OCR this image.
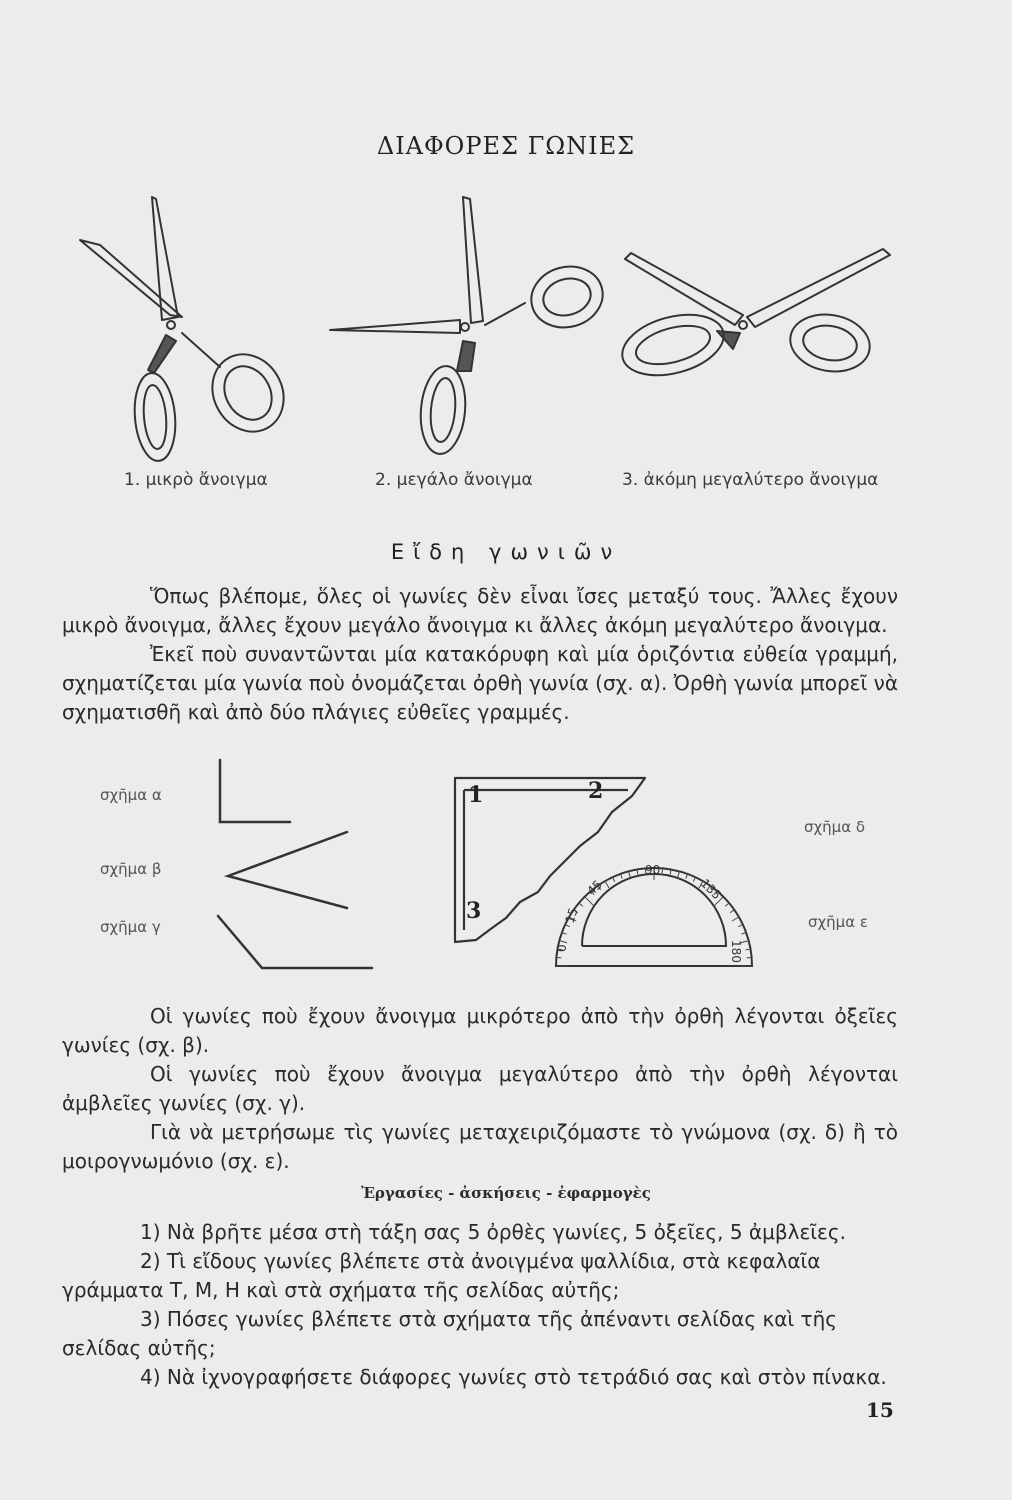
ΔΙΑΦΟΡΕΣ ΓΩΝΙΕΣ
1. μικρὸ ἄνοιγμα	2. μεγάλο ἄνοιγμα	3. ἀκόμη μεγαλύτερο ἄνοιγμα
Εἴδη γωνιῶν

Ὅπως βλέπομε, ὅλες οἱ γωνίες δὲν εἶναι ἴσες μεταξύ τους. Ἄλλες ἔχουν μικρὸ ἄνοιγμα, ἄλλες ἔχουν μεγάλο ἄνοιγμα κι ἄλλες ἀκόμη μεγαλύτερο ἄνοιγμα.

Ἐκεῖ ποὺ συναντῶνται μία κατακόρυφη καὶ μία ὁριζόντια εὐθεία γραμμή, σχηματίζεται μία γωνία ποὺ ὀνομάζεται ὀρθὴ γωνία (σχ. α). Ὀρθὴ γωνία μπορεῖ νὰ σχηματισθῆ καὶ ἀπὸ δύο πλάγιες εὐθεῖες γραμμές.

σχῆμα α
σχῆμα β
σχῆμα γ
σχῆμα δ
σχῆμα ε
1	2
3
0
15
45
90
135
180

Οἱ γωνίες ποὺ ἔχουν ἄνοιγμα μικρότερο ἀπὸ τὴν ὀρθὴ λέγονται ὀξεῖες γωνίες (σχ. β).

Οἱ γωνίες ποὺ ἔχουν ἄνοιγμα μεγαλύτερο ἀπὸ τὴν ὀρθὴ λέγονται ἀμβλεῖες γωνίες (σχ. γ).

Γιὰ νὰ μετρήσωμε τὶς γωνίες μεταχειριζόμαστε τὸ γνώμονα (σχ. δ) ἢ τὸ μοιρογνωμόνιο (σχ. ε).

Ἐργασίες - ἀσκήσεις - ἐφαρμογὲς

1) Νὰ βρῆτε μέσα στὴ τάξη σας 5 ὀρθὲς γωνίες, 5 ὀξεῖες, 5 ἀμβλεῖες.

2) Τὶ εἴδους γωνίες βλέπετε στὰ ἀνοιγμένα ψαλλίδια, στὰ κεφαλαῖα γράμματα Τ, Μ, Η καὶ στὰ σχήματα τῆς σελίδας αὐτῆς;

3) Πόσες γωνίες βλέπετε στὰ σχήματα τῆς ἀπέναντι σελίδας καὶ τῆς σελίδας αὐτῆς;

4) Νὰ ἰχνογραφήσετε διάφορες γωνίες στὸ τετράδιό σας καὶ στὸν πίνακα.

15
